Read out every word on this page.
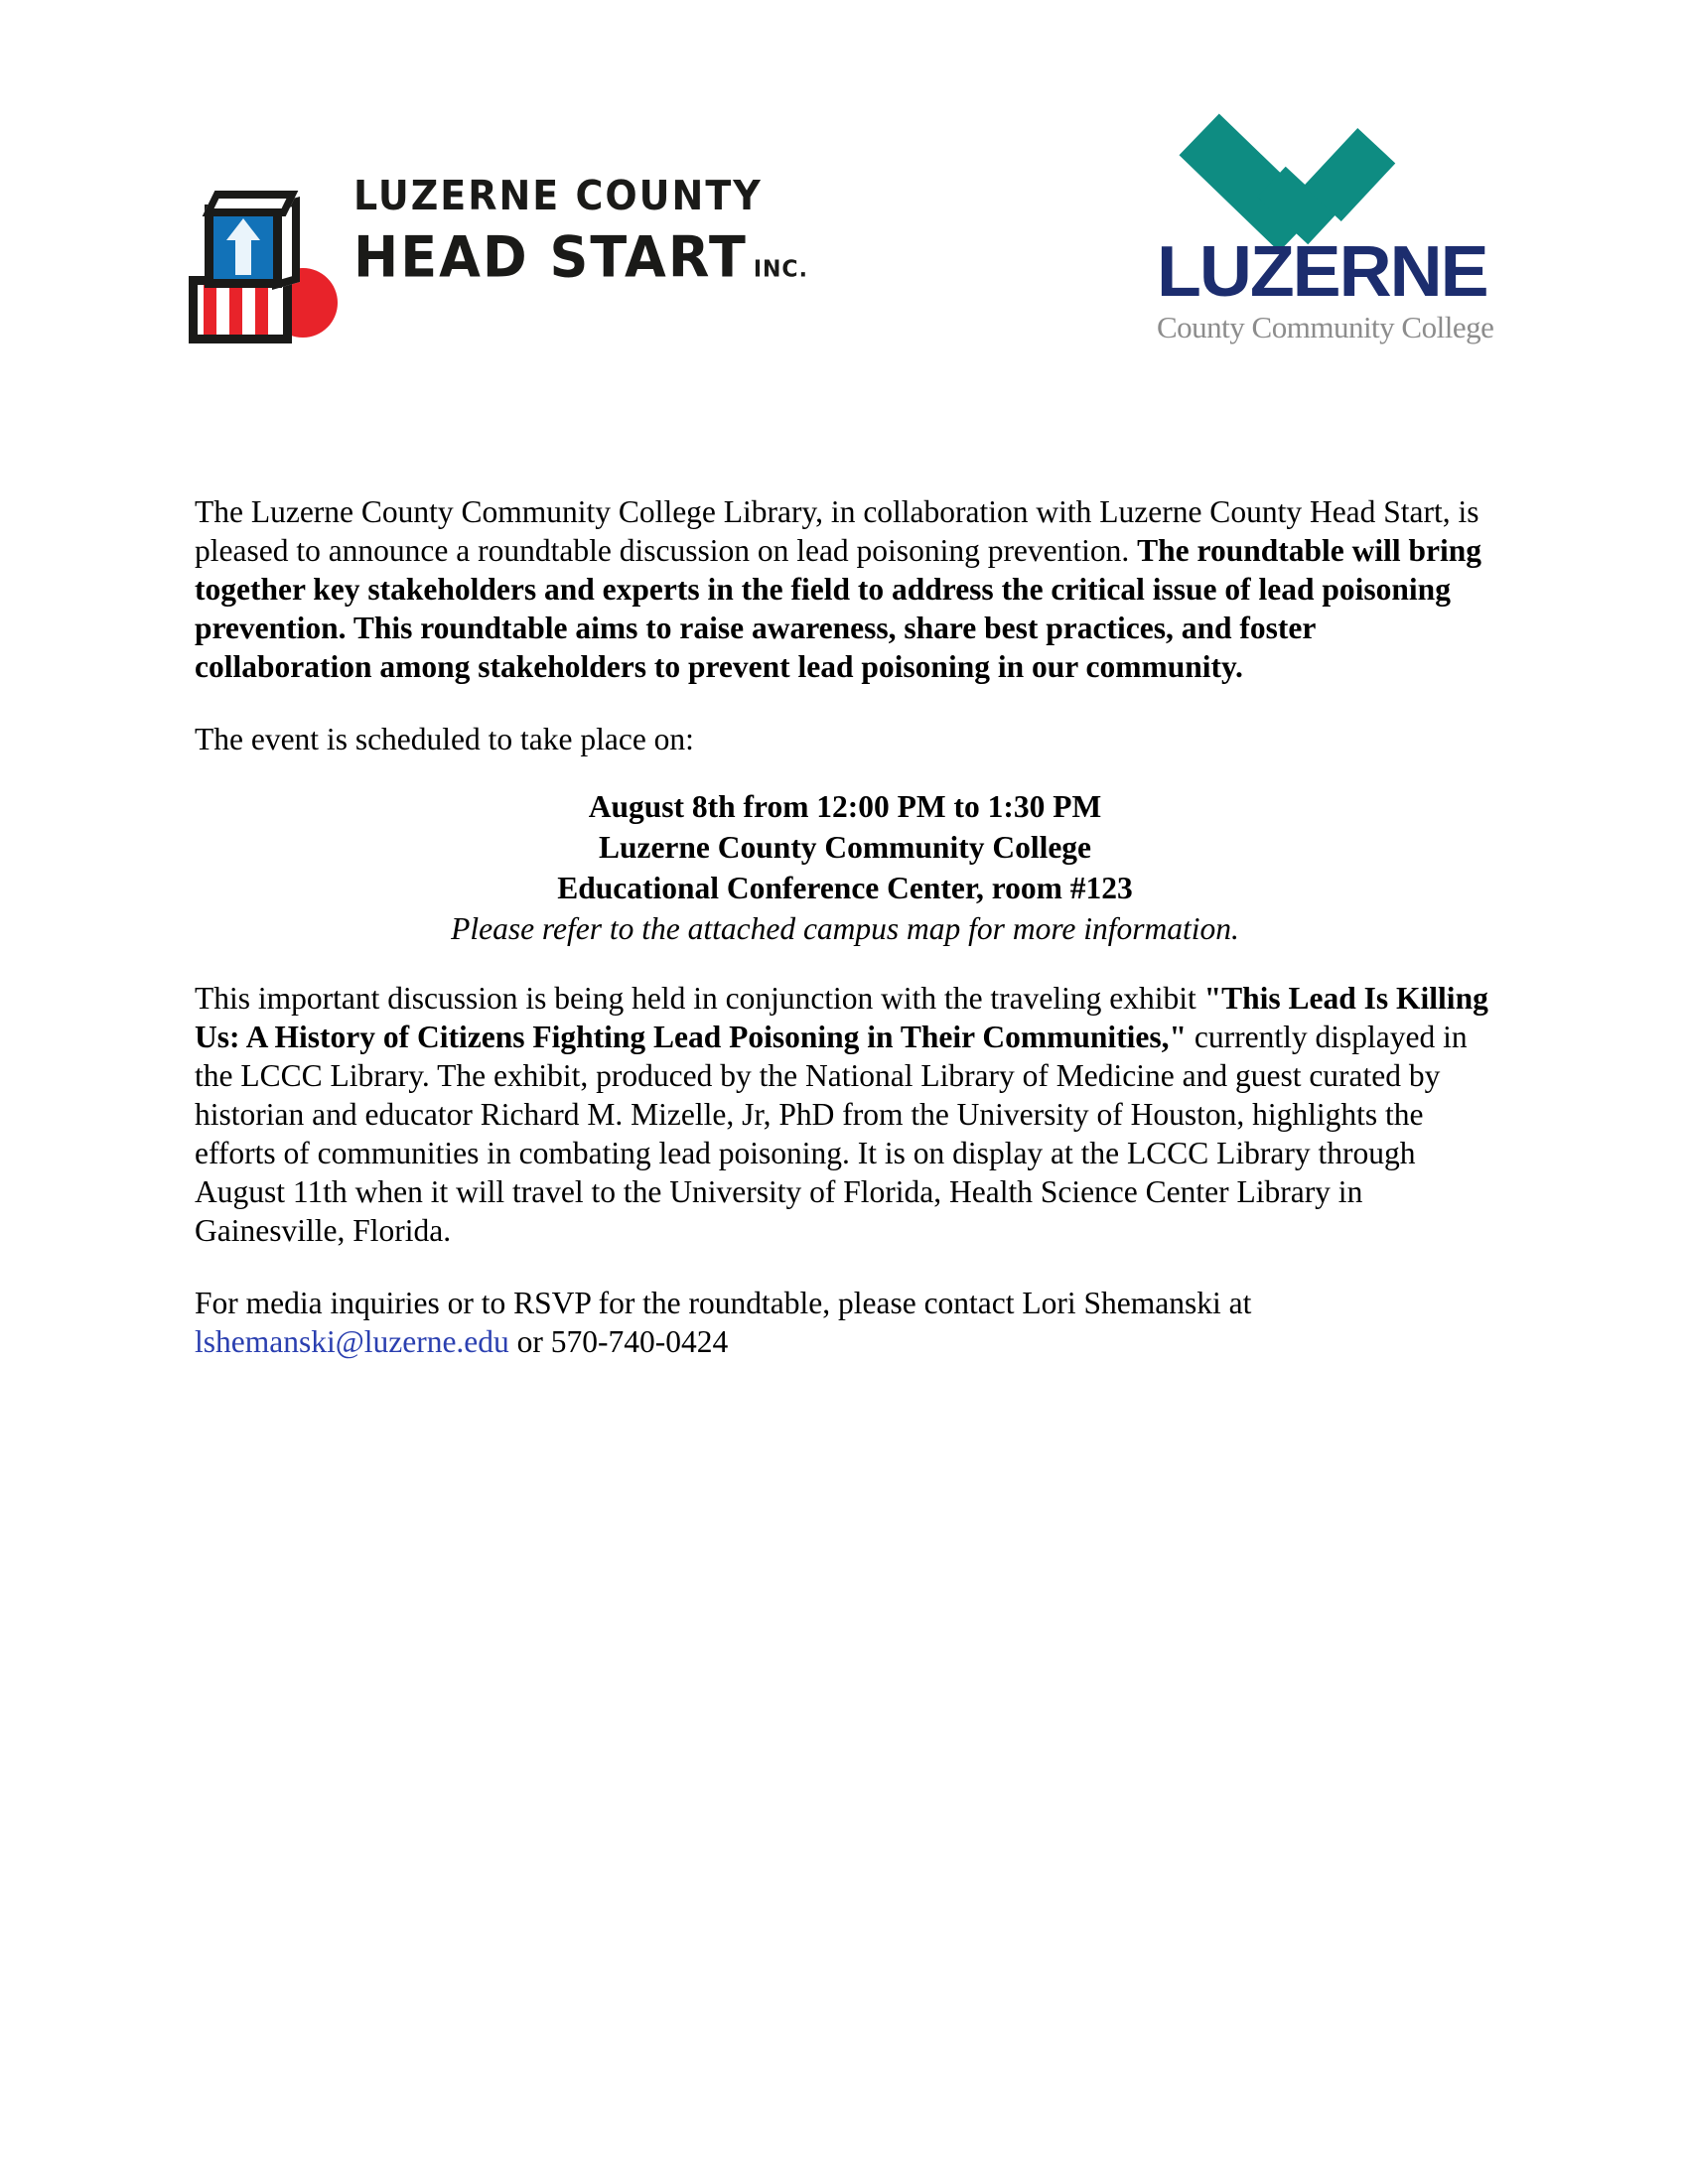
LUZERNE COUNTY
HEAD START INC.	LUZERNE
County Community College

The Luzerne County Community College Library, in collaboration with Luzerne County Head Start, is pleased to announce a roundtable discussion on lead poisoning prevention. The roundtable will bring together key stakeholders and experts in the field to address the critical issue of lead poisoning prevention. This roundtable aims to raise awareness, share best practices, and foster collaboration among stakeholders to prevent lead poisoning in our community.

The event is scheduled to take place on:

August 8th from 12:00 PM to 1:30 PM
Luzerne County Community College
Educational Conference Center, room #123
Please refer to the attached campus map for more information.

This important discussion is being held in conjunction with the traveling exhibit "This Lead Is Killing Us: A History of Citizens Fighting Lead Poisoning in Their Communities," currently displayed in the LCCC Library. The exhibit, produced by the National Library of Medicine and guest curated by historian and educator Richard M. Mizelle, Jr, PhD from the University of Houston, highlights the efforts of communities in combating lead poisoning. It is on display at the LCCC Library through August 11th when it will travel to the University of Florida, Health Science Center Library in Gainesville, Florida.

For media inquiries or to RSVP for the roundtable, please contact Lori Shemanski at lshemanski@luzerne.edu or 570-740-0424
